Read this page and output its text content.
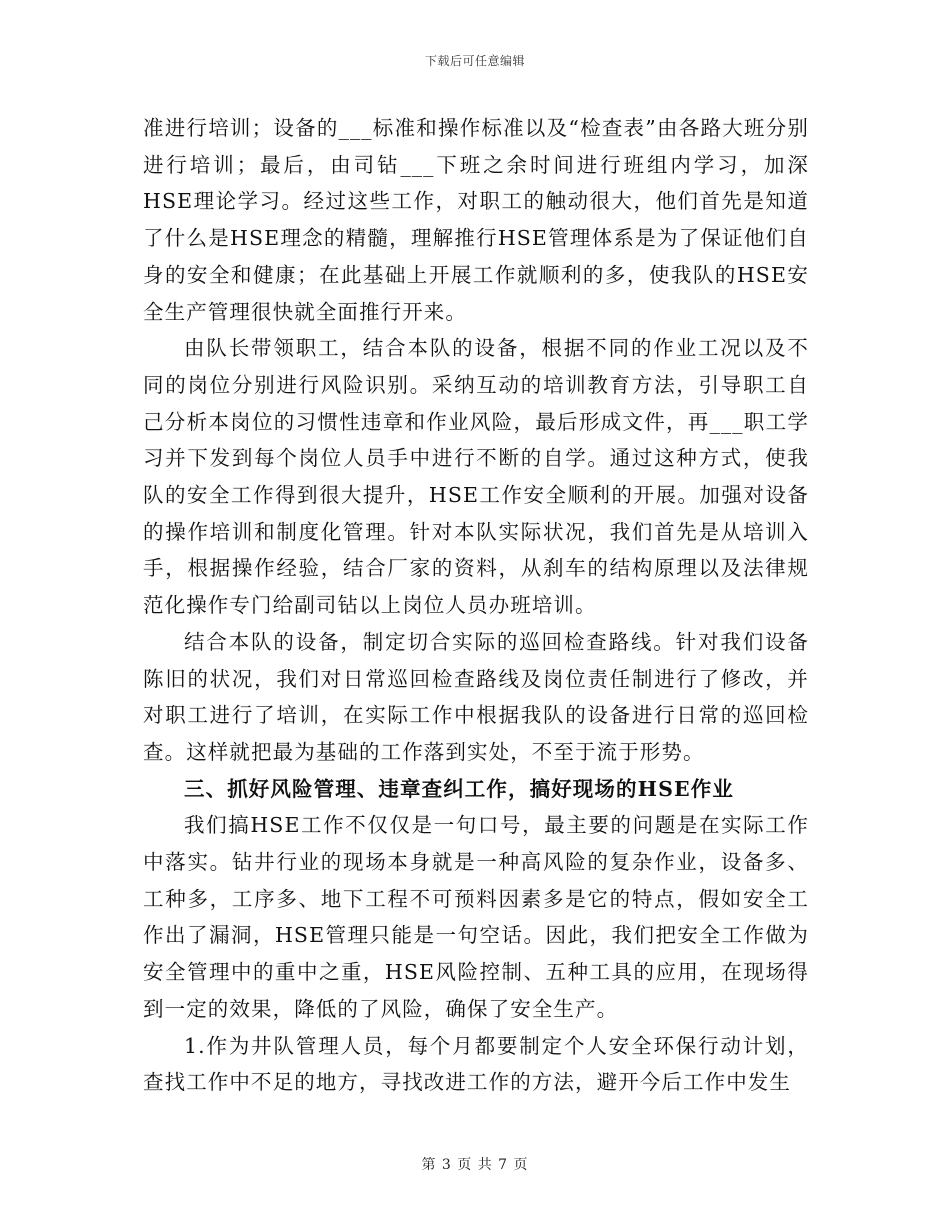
下载后可任意编辑

准进行培训；设备的___标准和操作标准以及“检查表”由各路大班分别进行培训；最后，由司钻___下班之余时间进行班组内学习，加深HSE理论学习。经过这些工作，对职工的触动很大，他们首先是知道了什么是HSE理念的精髓，理解推行HSE管理体系是为了保证他们自身的安全和健康；在此基础上开展工作就顺利的多，使我队的HSE安全生产管理很快就全面推行开来。

由队长带领职工，结合本队的设备，根据不同的作业工况以及不同的岗位分别进行风险识别。采纳互动的培训教育方法，引导职工自己分析本岗位的习惯性违章和作业风险，最后形成文件，再___职工学习并下发到每个岗位人员手中进行不断的自学。通过这种方式，使我队的安全工作得到很大提升，HSE工作安全顺利的开展。加强对设备的操作培训和制度化管理。针对本队实际状况，我们首先是从培训入手，根据操作经验，结合厂家的资料，从刹车的结构原理以及法律规范化操作专门给副司钻以上岗位人员办班培训。

结合本队的设备，制定切合实际的巡回检查路线。针对我们设备陈旧的状况，我们对日常巡回检查路线及岗位责任制进行了修改，并对职工进行了培训，在实际工作中根据我队的设备进行日常的巡回检查。这样就把最为基础的工作落到实处，不至于流于形势。

三、抓好风险管理、违章查纠工作，搞好现场的HSE作业

我们搞HSE工作不仅仅是一句口号，最主要的问题是在实际工作中落实。钻井行业的现场本身就是一种高风险的复杂作业，设备多、工种多，工序多、地下工程不可预料因素多是它的特点，假如安全工作出了漏洞，HSE管理只能是一句空话。因此，我们把安全工作做为安全管理中的重中之重，HSE风险控制、五种工具的应用，在现场得到一定的效果，降低的了风险，确保了安全生产。

1.作为井队管理人员，每个月都要制定个人安全环保行动计划，查找工作中不足的地方，寻找改进工作的方法，避开今后工作中发生

第 3 页 共 7 页
